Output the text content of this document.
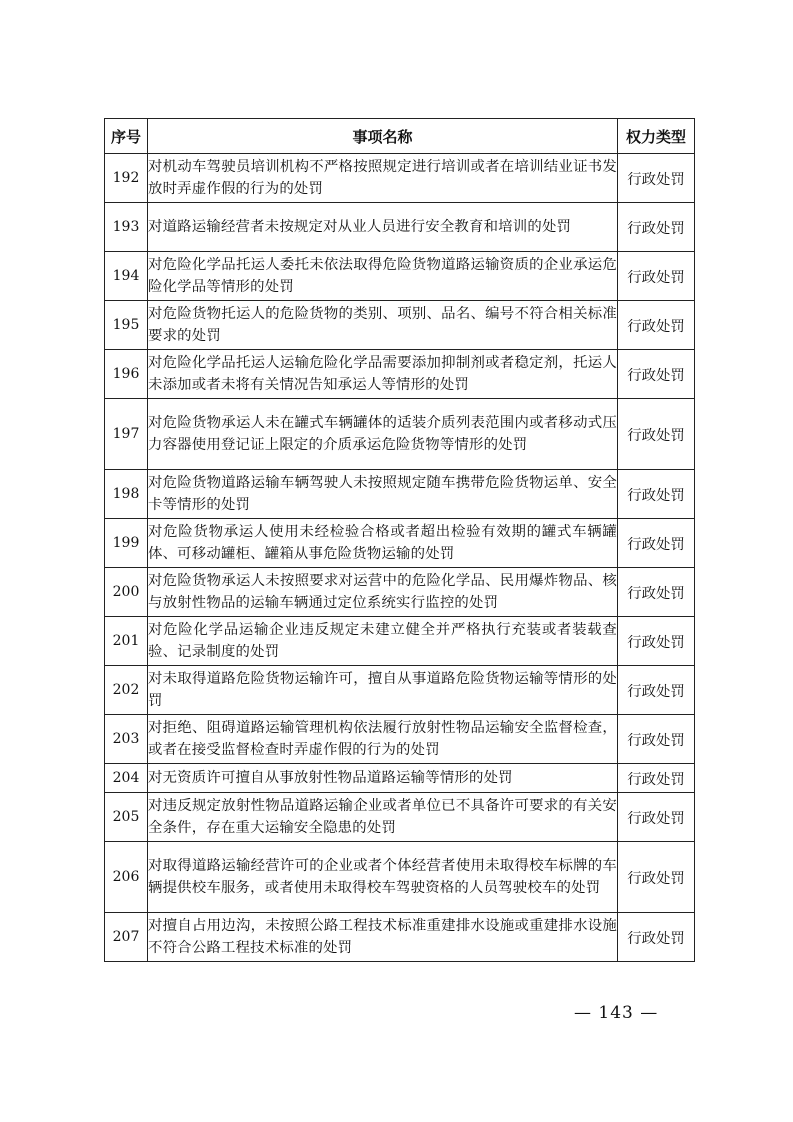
序号	事项名称	权力类型
192	对机动车驾驶员培训机构不严格按照规定进行培训或者在培训结业证书发放时弄虚作假的行为的处罚	行政处罚
193	对道路运输经营者未按规定对从业人员进行安全教育和培训的处罚	行政处罚
194	对危险化学品托运人委托未依法取得危险货物道路运输资质的企业承运危险化学品等情形的处罚	行政处罚
195	对危险货物托运人的危险货物的类别、项别、品名、编号不符合相关标准要求的处罚	行政处罚
196	对危险化学品托运人运输危险化学品需要添加抑制剂或者稳定剂，托运人未添加或者未将有关情况告知承运人等情形的处罚	行政处罚
197	对危险货物承运人未在罐式车辆罐体的适装介质列表范围内或者移动式压力容器使用登记证上限定的介质承运危险货物等情形的处罚	行政处罚
198	对危险货物道路运输车辆驾驶人未按照规定随车携带危险货物运单、安全卡等情形的处罚	行政处罚
199	对危险货物承运人使用未经检验合格或者超出检验有效期的罐式车辆罐体、可移动罐柜、罐箱从事危险货物运输的处罚	行政处罚
200	对危险货物承运人未按照要求对运营中的危险化学品、民用爆炸物品、核与放射性物品的运输车辆通过定位系统实行监控的处罚	行政处罚
201	对危险化学品运输企业违反规定未建立健全并严格执行充装或者装载查验、记录制度的处罚	行政处罚
202	对未取得道路危险货物运输许可，擅自从事道路危险货物运输等情形的处罚	行政处罚
203	对拒绝、阻碍道路运输管理机构依法履行放射性物品运输安全监督检查，或者在接受监督检查时弄虚作假的行为的处罚	行政处罚
204	对无资质许可擅自从事放射性物品道路运输等情形的处罚	行政处罚
205	对违反规定放射性物品道路运输企业或者单位已不具备许可要求的有关安全条件，存在重大运输安全隐患的处罚	行政处罚
206	对取得道路运输经营许可的企业或者个体经营者使用未取得校车标牌的车辆提供校车服务，或者使用未取得校车驾驶资格的人员驾驶校车的处罚	行政处罚
207	对擅自占用边沟，未按照公路工程技术标准重建排水设施或重建排水设施不符合公路工程技术标准的处罚	行政处罚
— 143 —
